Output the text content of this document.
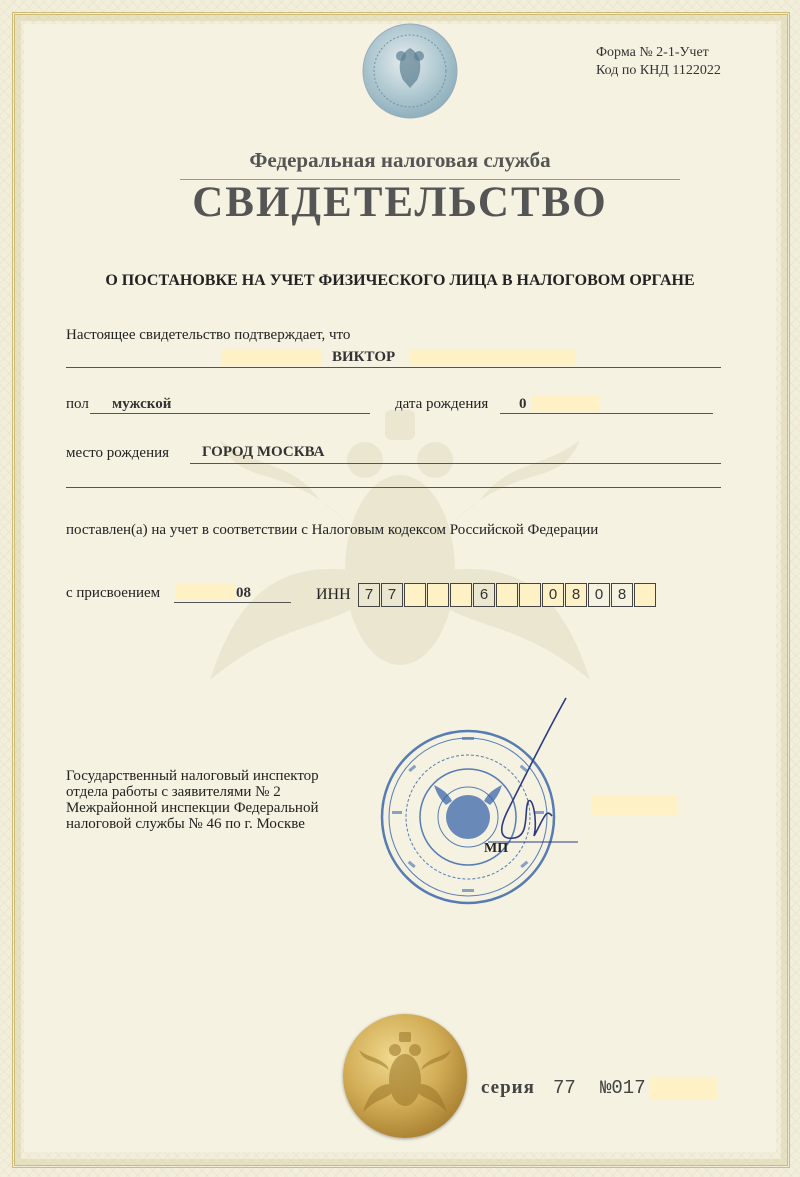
Форма № 2-1-Учет
Код по КНД 1122022
Федеральная налоговая служба
СВИДЕТЕЛЬСТВО
О ПОСТАНОВКЕ НА УЧЕТ ФИЗИЧЕСКОГО ЛИЦА В НАЛОГОВОМ ОРГАНЕ
Настоящее свидетельство подтверждает, что
ВИКТОР
пол мужской	дата рождения 0
место рождения ГОРОД МОСКВА
поставлен(а) на учет в соответствии с Налоговым кодексом Российской Федерации
с присвоением	08	ИНН 7 7	6	0 8 0 8
Государственный налоговый инспектор
отдела работы с заявителями № 2
Межрайонной инспекции Федеральной
налоговой службы № 46 по г. Москве
МП
серия 77 №017
